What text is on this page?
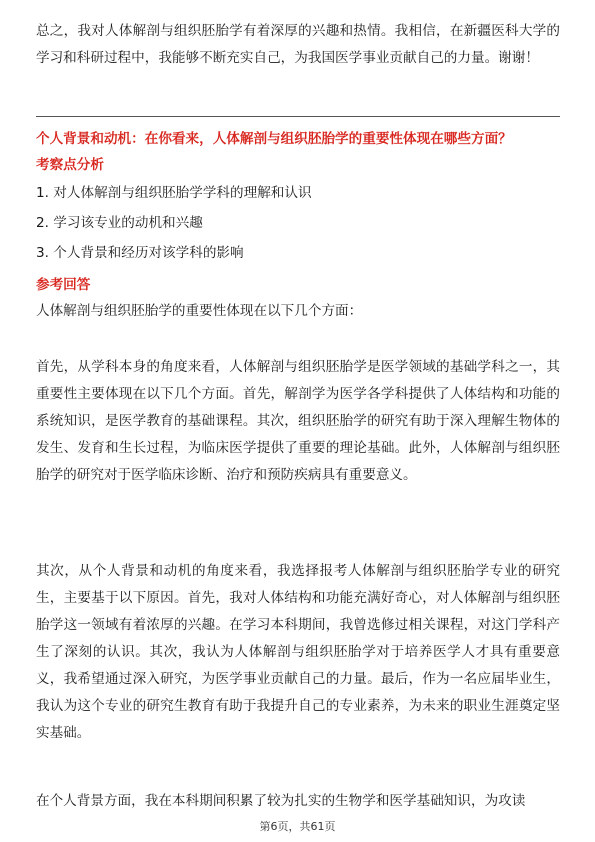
总之，我对人体解剖与组织胚胎学有着深厚的兴趣和热情。我相信，在新疆医科大学的学习和科研过程中，我能够不断充实自己，为我国医学事业贡献自己的力量。谢谢！

个人背景和动机：在你看来，人体解剖与组织胚胎学的重要性体现在哪些方面？

考察点分析

1. 对人体解剖与组织胚胎学学科的理解和认识
2. 学习该专业的动机和兴趣
3. 个人背景和经历对该学科的影响

参考回答

人体解剖与组织胚胎学的重要性体现在以下几个方面：

首先，从学科本身的角度来看，人体解剖与组织胚胎学是医学领域的基础学科之一，其重要性主要体现在以下几个方面。首先，解剖学为医学各学科提供了人体结构和功能的系统知识，是医学教育的基础课程。其次，组织胚胎学的研究有助于深入理解生物体的发生、发育和生长过程，为临床医学提供了重要的理论基础。此外，人体解剖与组织胚胎学的研究对于医学临床诊断、治疗和预防疾病具有重要意义。

其次，从个人背景和动机的角度来看，我选择报考人体解剖与组织胚胎学专业的研究生，主要基于以下原因。首先，我对人体结构和功能充满好奇心，对人体解剖与组织胚胎学这一领域有着浓厚的兴趣。在学习本科期间，我曾选修过相关课程，对这门学科产生了深刻的认识。其次，我认为人体解剖与组织胚胎学对于培养医学人才具有重要意义，我希望通过深入研究，为医学事业贡献自己的力量。最后，作为一名应届毕业生，我认为这个专业的研究生教育有助于我提升自己的专业素养，为未来的职业生涯奠定坚实基础。

在个人背景方面，我在本科期间积累了较为扎实的生物学和医学基础知识，为攻读

第6页，共61页
